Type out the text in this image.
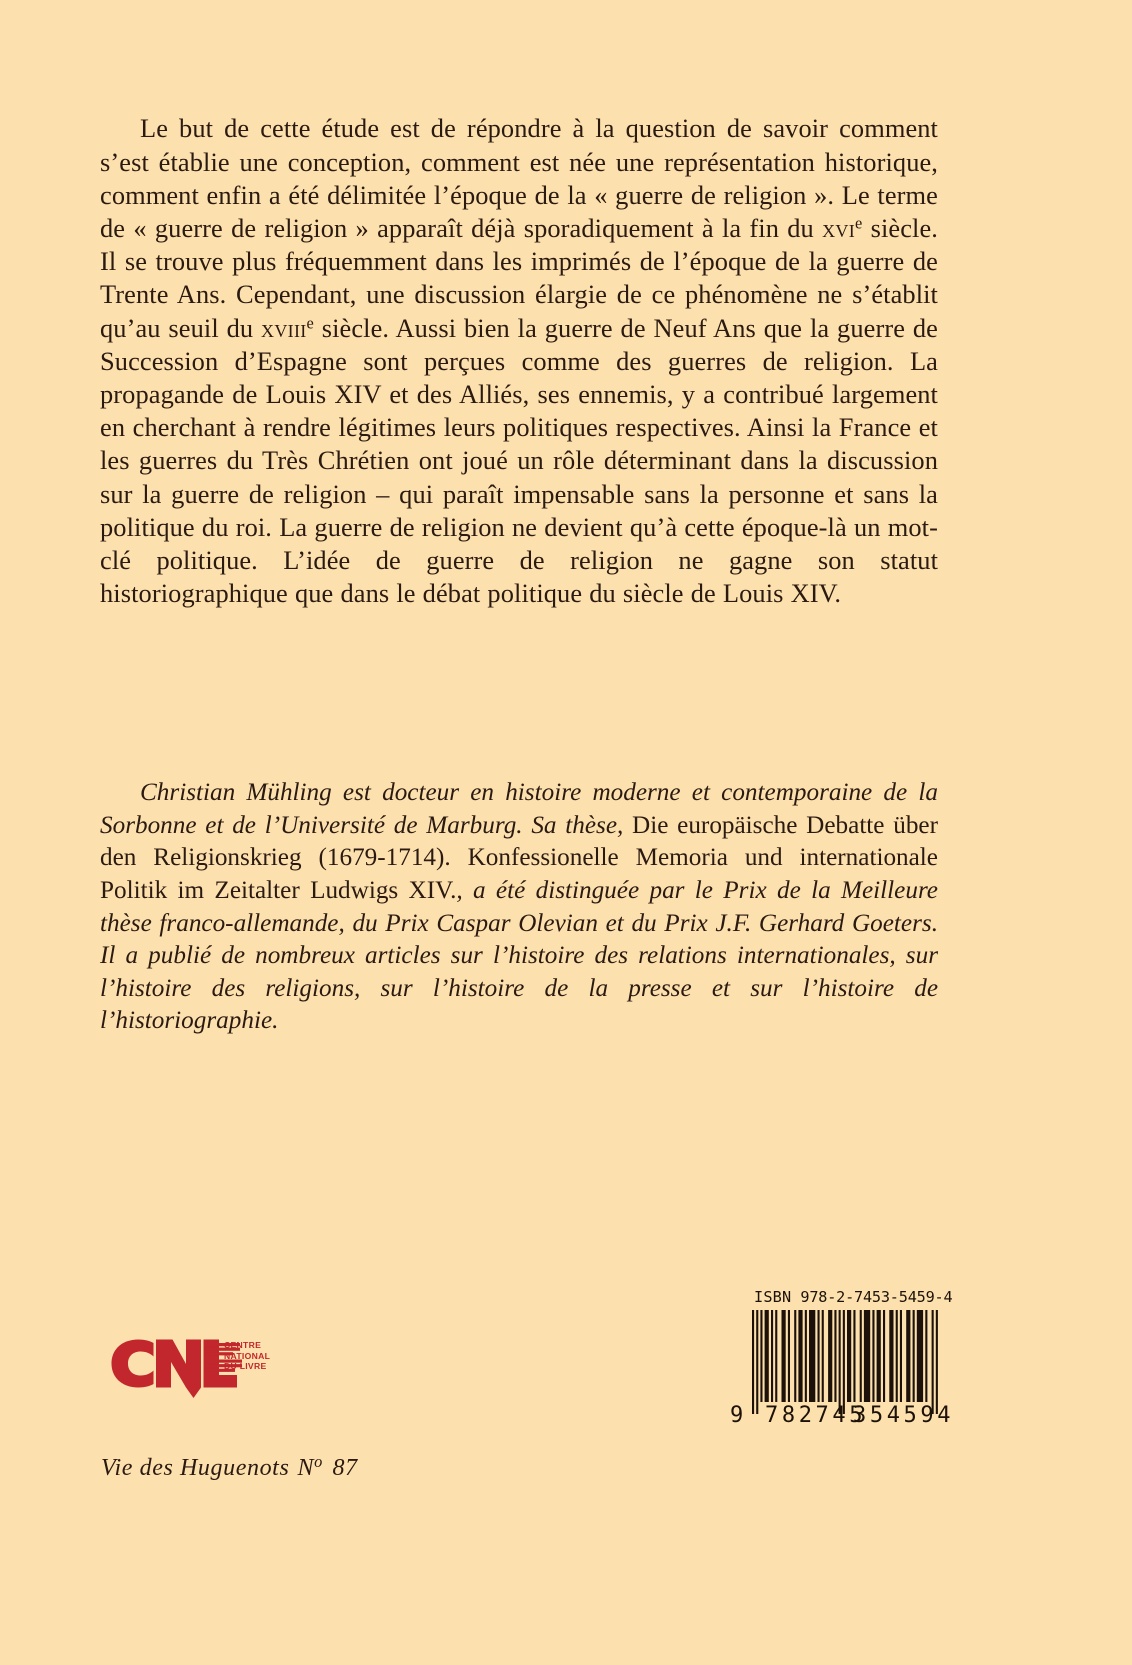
Le but de cette étude est de répondre à la question de savoir comment s’est établie une conception, comment est née une représentation historique, comment enfin a été délimitée l’époque de la « guerre de religion ». Le terme de « guerre de religion » apparaît déjà sporadiquement à la fin du xvi$^e$ siècle. Il se trouve plus fréquemment dans les imprimés de l’époque de la guerre de Trente Ans. Cependant, une discussion élargie de ce phénomène ne s’établit qu’au seuil du xviii$^e$ siècle. Aussi bien la guerre de Neuf Ans que la guerre de Succession d’Espagne sont perçues comme des guerres de religion. La propagande de Louis XIV et des Alliés, ses ennemis, y a contribué largement en cherchant à rendre légitimes leurs politiques respectives. Ainsi la France et les guerres du Très Chrétien ont joué un rôle déterminant dans la discussion sur la guerre de religion – qui paraît impensable sans la personne et sans la politique du roi. La guerre de religion ne devient qu’à cette époque-là un mot-clé politique. L’idée de guerre de religion ne gagne son statut historiographique que dans le débat politique du siècle de Louis XIV.

Christian Mühling est docteur en histoire moderne et contemporaine de la Sorbonne et de l’Université de Marburg. Sa thèse, Die europäische Debatte über den Religionskrieg (1679-1714). Konfessionelle Memoria und internationale Politik im Zeitalter Ludwigs XIV., a été distinguée par le Prix de la Meilleure thèse franco-allemande, du Prix Caspar Olevian et du Prix J.F. Gerhard Goeters. Il a publié de nombreux articles sur l’histoire des relations internationales, sur l’histoire des religions, sur l’histoire de la presse et sur l’histoire de l’historiographie.

CENTRE
NATIONAL
DU LIVRE
Vie des Huguenots $N^o$ 87
ISBN 978-2-7453-5459-4
9 782745
354594
